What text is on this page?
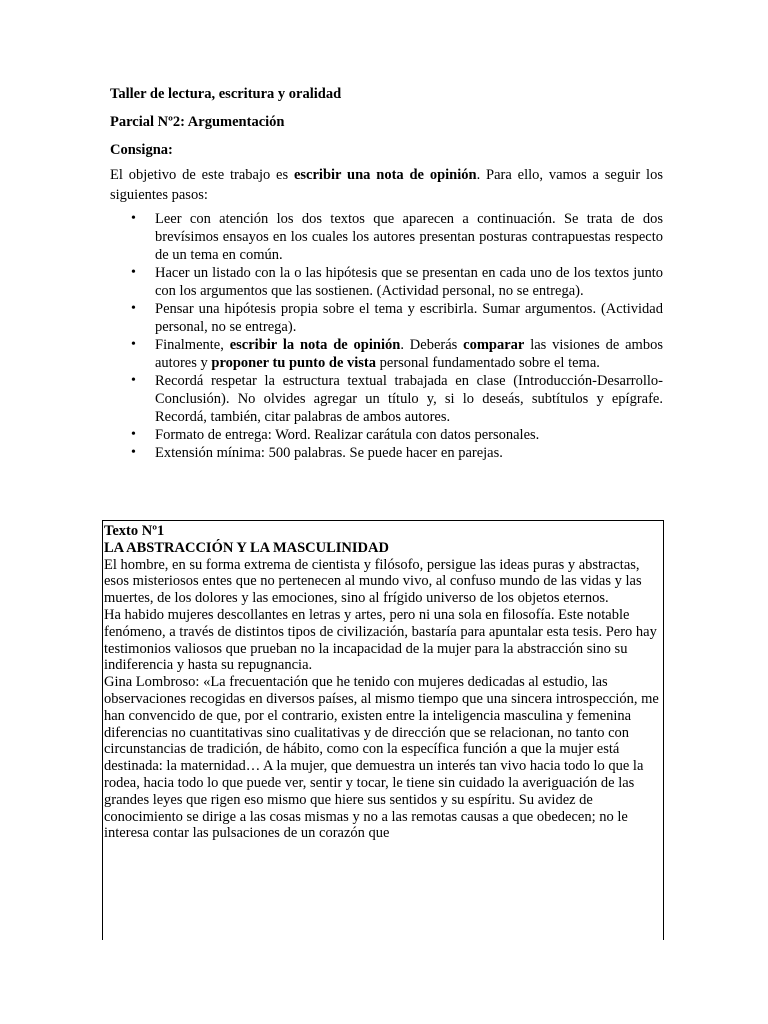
Taller de lectura, escritura y oralidad

Parcial Nº2: Argumentación

Consigna:

El objetivo de este trabajo es escribir una nota de opinión. Para ello, vamos a seguir los siguientes pasos:

• Leer con atención los dos textos que aparecen a continuación. Se trata de dos brevísimos ensayos en los cuales los autores presentan posturas contrapuestas respecto de un tema en común.
• Hacer un listado con la o las hipótesis que se presentan en cada uno de los textos junto con los argumentos que las sostienen. (Actividad personal, no se entrega).
• Pensar una hipótesis propia sobre el tema y escribirla. Sumar argumentos. (Actividad personal, no se entrega).
• Finalmente, escribir la nota de opinión. Deberás comparar las visiones de ambos autores y proponer tu punto de vista personal fundamentado sobre el tema.
• Recordá respetar la estructura textual trabajada en clase (Introducción-Desarrollo-Conclusión). No olvides agregar un título y, si lo deseás, subtítulos y epígrafe. Recordá, también, citar palabras de ambos autores.
• Formato de entrega: Word. Realizar carátula con datos personales.
• Extensión mínima: 500 palabras. Se puede hacer en parejas.
Texto Nº1
LA ABSTRACCIÓN Y LA MASCULINIDAD

El hombre, en su forma extrema de cientista y filósofo, persigue las ideas puras y abstractas, esos misteriosos entes que no pertenecen al mundo vivo, al confuso mundo de las vidas y las muertes, de los dolores y las emociones, sino al frígido universo de los objetos eternos.

Ha habido mujeres descollantes en letras y artes, pero ni una sola en filosofía. Este notable fenómeno, a través de distintos tipos de civilización, bastaría para apuntalar esta tesis. Pero hay testimonios valiosos que prueban no la incapacidad de la mujer para la abstracción sino su indiferencia y hasta su repugnancia.

Gina Lombroso: «La frecuentación que he tenido con mujeres dedicadas al estudio, las observaciones recogidas en diversos países, al mismo tiempo que una sincera introspección, me han convencido de que, por el contrario, existen entre la inteligencia masculina y femenina diferencias no cuantitativas sino cualitativas y de dirección que se relacionan, no tanto con circunstancias de tradición, de hábito, como con la específica función a que la mujer está destinada: la maternidad… A la mujer, que demuestra un interés tan vivo hacia todo lo que la rodea, hacia todo lo que puede ver, sentir y tocar, le tiene sin cuidado la averiguación de las grandes leyes que rigen eso mismo que hiere sus sentidos y su espíritu. Su avidez de conocimiento se dirige a las cosas mismas y no a las remotas causas a que obedecen; no le interesa contar las pulsaciones de un corazón que
